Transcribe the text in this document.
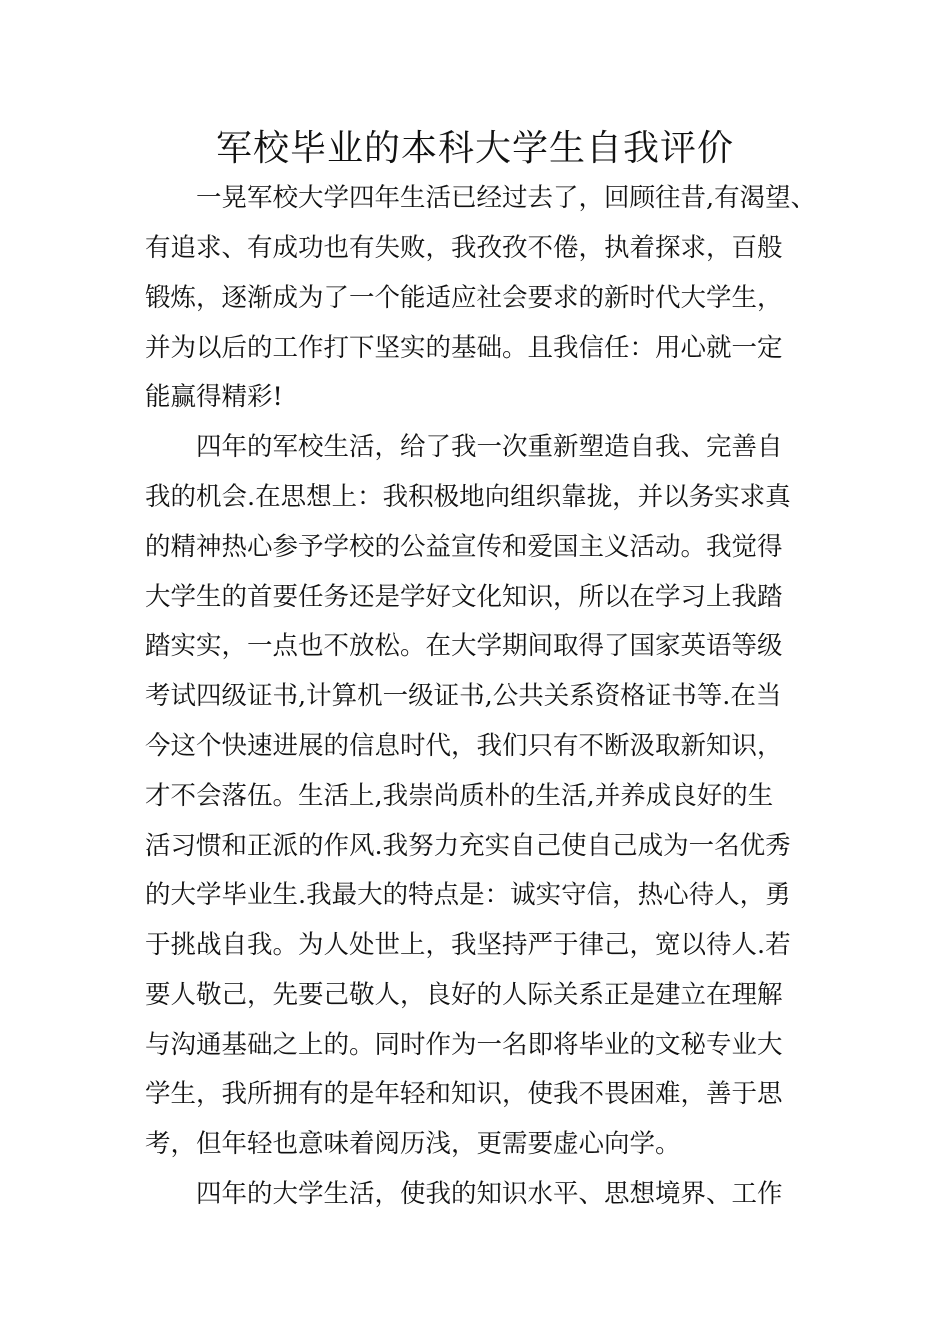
军校毕业的本科大学生自我评价
　　一晃军校大学四年生活已经过去了，回顾往昔,有渴望、
有追求、有成功也有失败，我孜孜不倦，执着探求，百般
锻炼，逐渐成为了一个能适应社会要求的新时代大学生，
并为以后的工作打下坚实的基础。且我信任：用心就一定
能赢得精彩!
　　四年的军校生活，给了我一次重新塑造自我、完善自
我的机会.在思想上：我积极地向组织靠拢，并以务实求真
的精神热心参予学校的公益宣传和爱国主义活动。我觉得
大学生的首要任务还是学好文化知识，所以在学习上我踏
踏实实，一点也不放松。在大学期间取得了国家英语等级
考试四级证书,计算机一级证书,公共关系资格证书等.在当
今这个快速进展的信息时代，我们只有不断汲取新知识，
才不会落伍。生活上,我崇尚质朴的生活,并养成良好的生
活习惯和正派的作风.我努力充实自己使自己成为一名优秀
的大学毕业生.我最大的特点是：诚实守信，热心待人，勇
于挑战自我。为人处世上，我坚持严于律己，宽以待人.若
要人敬己，先要己敬人，良好的人际关系正是建立在理解
与沟通基础之上的。同时作为一名即将毕业的文秘专业大
学生，我所拥有的是年轻和知识，使我不畏困难，善于思
考，但年轻也意味着阅历浅，更需要虚心向学。
　　四年的大学生活，使我的知识水平、思想境界、工作
